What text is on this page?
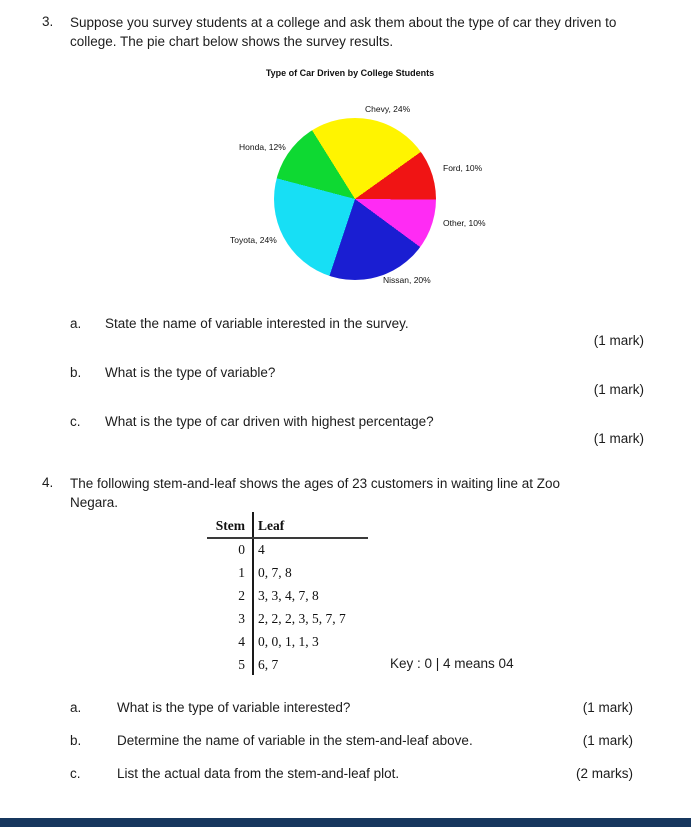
3. Suppose you survey students at a college and ask them about the type of car they driven to
college. The pie chart below shows the survey results.
Type of Car Driven by College Students
Chevy, 24%
Ford, 10%
Other, 10%
Nissan, 20%
Toyota, 24%
Honda, 12%
a.	State the name of variable interested in the survey.
(1 mark)
b.	What is the type of variable?
(1 mark)
c.	What is the type of car driven with highest percentage?
(1 mark)
4. The following stem-and-leaf shows the ages of 23 customers in waiting line at Zoo
Negara.
Stem Leaf
0 4
1 0, 7, 8
2 3, 3, 4, 7, 8
3 2, 2, 2, 3, 5, 7, 7
4 0, 0, 1, 1, 3
5 6, 7	Key : 0 | 4 means 04
a.	What is the type of variable interested?	(1 mark)
b.	Determine the name of variable in the stem-and-leaf above.	(1 mark)
c.	List the actual data from the stem-and-leaf plot.	(2 marks)
